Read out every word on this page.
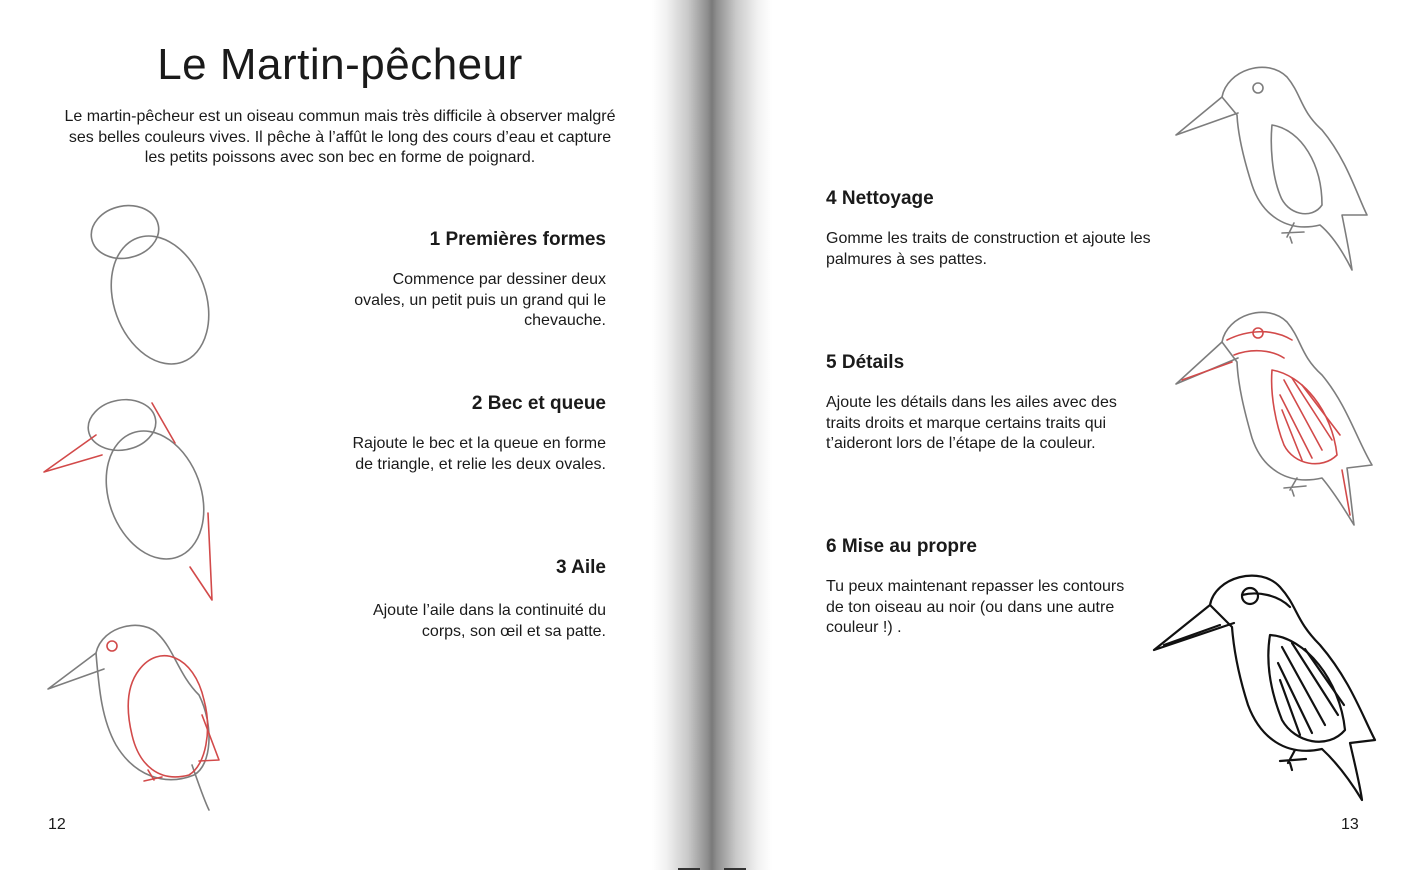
Le Martin-pêcheur

Le martin-pêcheur est un oiseau commun mais très difficile à observer malgré ses belles couleurs vives. Il pêche à l’affût le long des cours d’eau et capture les petits poissons avec son bec en forme de poignard.

1 Premières formes
Commence par dessiner deux ovales, un petit puis un grand qui le chevauche.
2 Bec et queue
Rajoute le bec et la queue en forme de triangle, et relie les deux ovales.
3 Aile
Ajoute l’aile dans la continuité du corps, son œil et sa patte.
12
4 Nettoyage
Gomme les traits de construction et ajoute les palmures à ses pattes.
5 Détails
Ajoute les détails dans les ailes avec des traits droits et marque certains traits qui t’aideront lors de l’étape de la couleur.
6 Mise au propre
Tu peux maintenant repasser les contours de ton oiseau au noir (ou dans une autre couleur !) .
13
